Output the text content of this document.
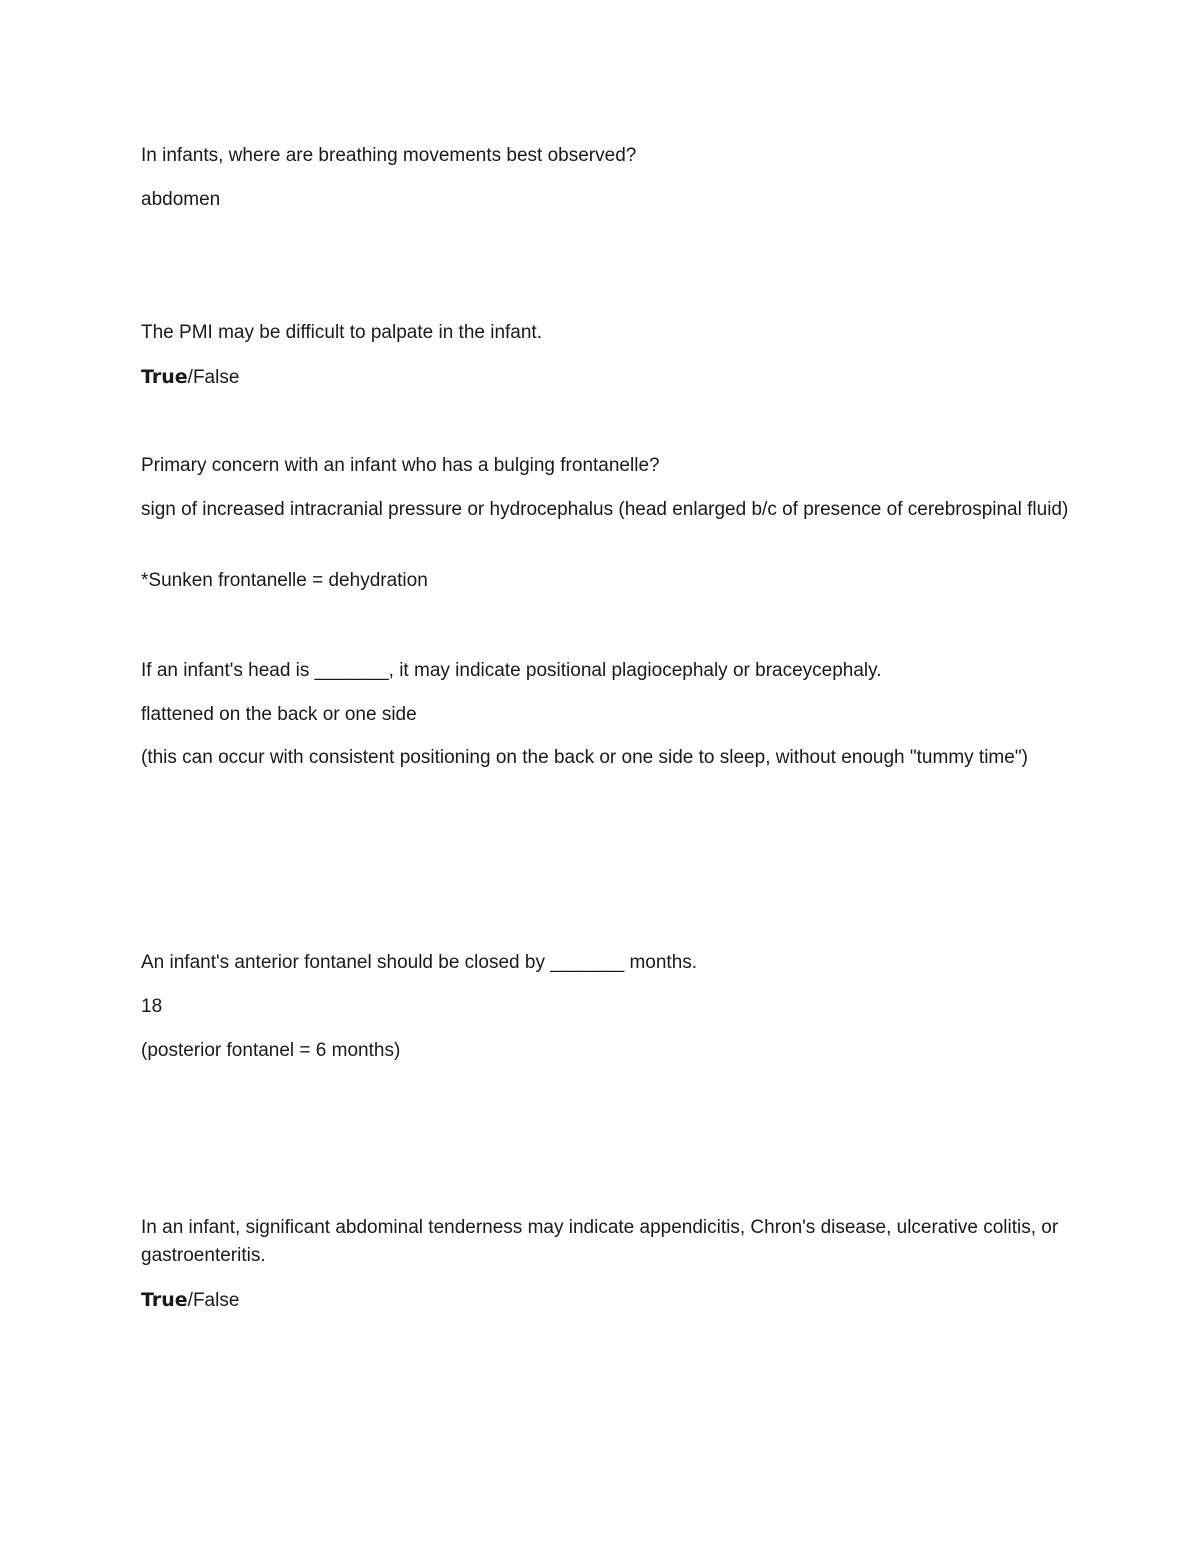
In infants, where are breathing movements best observed?

abdomen

The PMI may be difficult to palpate in the infant.

True/False

Primary concern with an infant who has a bulging frontanelle?

sign of increased intracranial pressure or hydrocephalus (head enlarged b/c of presence of cerebrospinal fluid)

*Sunken frontanelle = dehydration

If an infant's head is _______, it may indicate positional plagiocephaly or braceycephaly.

flattened on the back or one side

(this can occur with consistent positioning on the back or one side to sleep, without enough "tummy time")

An infant's anterior fontanel should be closed by _______ months.

18

(posterior fontanel = 6 months)

In an infant, significant abdominal tenderness may indicate appendicitis, Chron's disease, ulcerative colitis, or gastroenteritis.

True/False
